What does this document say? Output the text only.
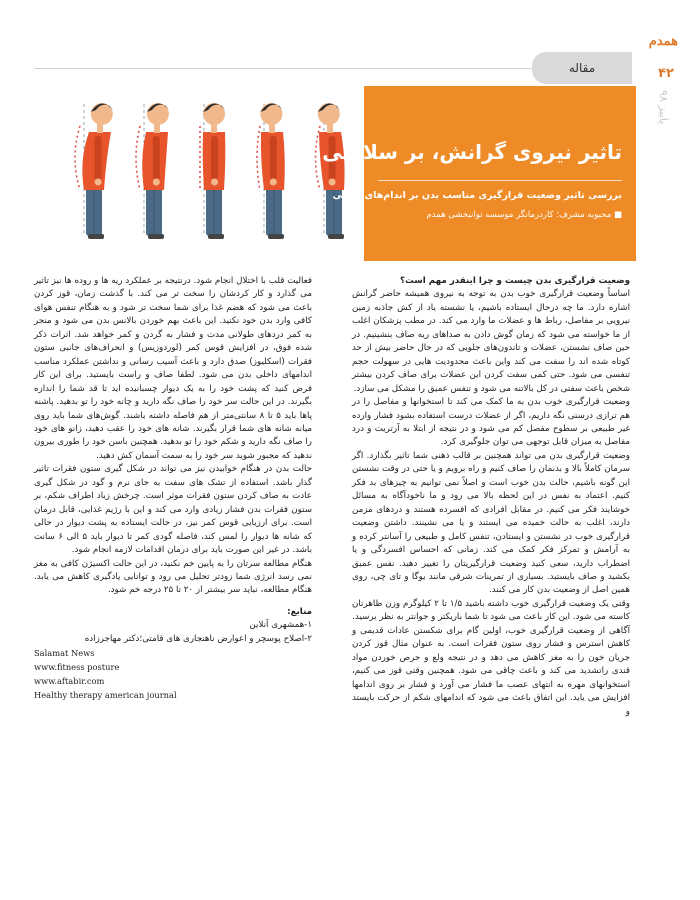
مقاله
همدم
۴۲
پاییز ۹۸
تاثیر نیروی گرانش، بر سلامتی ما
بررسی تاثیر وضعیت قرارگیری مناسب بدن بر اندام‌های داخلی
■ محبوبه مشرف؛ کاردرمانگر موسسه توانبخشی همدم

وضعیت قرارگیری بدن چیست و چرا اینقدر مهم است؟

اساساً وضعیت قرارگیری خوب بدن به توجه به نیروی همیشه حاضر گرانش اشاره دارد. ما چه درحال ایستاده باشیم، یا نشسته یاد از کش جاذبه زمین نیرویی بر مفاصل، رباط ها و عضلات ما وارد می کند. در مطب پزشکان اغلب از ما خواسته می شود که زمان گوش دادن به صداهای ریه صاف بنشینیم. در حین صاف نشستن، عضلات و تاندون‌های جلویی که در حال حاضر بیش از حد کوتاه شده اند را سفت می کند واین باعث محدودیت هایی در سهولت حجم تنفسی می شود. حتی کمی سفت کردن این عضلات برای صاف کردن بیشتر شخص باعث سفتی در کل بالاتنه می شود و تنفس عمیق را مشکل می سازد.

وضعیت قرارگیری خوب بدن به ما کمک می کند تا استخوانها و مفاصل را در هم ترازی درستی نگه داریم، اگر از عضلات درست استفاده بشود فشار وارده غیر طبیعی بر سطوح مفصل کم می شود و در نتیجه از ابتلا به آرتریت و درد مفاصل به میزان قابل توجهی می توان جلوگیری کرد.

وضعیت قرارگیری بدن می تواند همچنین بر قالب ذهنی شما تاثیر بگذارد. اگر سرمان کاملاً بالا و بدنمان را صاف کنیم و راه برویم و یا حتی در وقت نشستن این گونه باشیم، حالت بدن خوب است و اصلاً نمی توانیم به چیزهای بد فکر کنیم. اعتماد به نفس در این لحظه بالا می رود و ما ناخودآگاه به مسائل خوشایند فکر می کنیم. در مقابل افرادی که افسرده هستند و دردهای مزمن دارند، اغلب به حالت خمیده می ایستند و یا می نشینند. داشتن وضعیت قرارگیری خوب در نشستن و ایستادن، تنفس کامل و طبیعی را آسانتر کرده و به آرامش و تمرکز فکر کمک می کند. زمانی که احساس افسردگی و یا اضطراب دارید، سعی کنید وضعیت قرارگیریتان را تغییر دهید. نفس عمیق بکشید و صاف بایستید. بسیاری از تمرینات شرقی مانند یوگا و تای چی، روی همین اصل از وضعیت بدن کار می کنند.

وقتی یک وضعیت قرارگیری خوب داشته باشید ۱/۵ تا ۲ کیلوگرم وزن ظاهرتان کاسته می شود. این کار باعث می شود تا شما باریکتر و جوانتر به نظر برسید.

آگاهی از وضعیت قرارگیری خوب، اولین گام برای شکستن عادات قدیمی و کاهش استرس و فشار روی ستون فقرات است. به عنوان مثال قوز کردن جریان خون را به مغز کاهش می دهد و در نتیجه ولع و حرص خوردن مواد قندی راتشدید می کند و باعث چاقی می شود. همچنین وقتی قوز می کنیم، استخوانهای مهره به انتهای عصب ما فشار می آورد و فشار بر روی اندامها افزایش می یابد. این اتفاق باعث می شود که اندامهای شکم از حرکت بایستد و

فعالیت قلب با اختلال انجام شود. درنتیجه بر عملکرد ریه ها و روده ها نیز تاثیر می گذارد و کار کردشان را سخت تر می کند. با گذشت زمان، قوز کردن باعث می شود که هضم غذا برای شما سخت تر شود و به هنگام تنفس هوای کافی وارد بدن خود نکنید. این باعث بهم خوردن بالانس بدن می شود و منجر به کمر دردهای طولانی مدت و فشار به گردن و کمر خواهد شد. اثرات ذکر شده فوق، در افزایش قوس کمر (لوردوزیس) و انحراف‌های جانبی ستون فقرات (اسکلیوز) صدق دارد و باعث آسیب رسانی و نداشتن عملکرد مناسب اندامهای داخلی بدن می شود. لطفا صاف و راست بایستید. برای این کار فرض کنید که پشت خود را به یک دیوار چسبانیده اید تا قد شما را اندازه بگیرند. در این حالت سر خود را صاف نگه دارید و چانه خود را تو بدهید. پاشنه پاها باید ۵ تا ۸ سانتی‌متر از هم فاصله داشته باشند. گوش‌های شما باید روی میانه شانه های شما قرار بگیرند. شانه های خود را عقب دهید، زانو های خود را صاف نگه دارید و شکم خود را تو بدهید. همچنین باسن خود را طوری بیرون ندهید که مجبور شوید سر خود را به سمت آسمان کش دهید.

حالت بدن در هنگام خوابیدن نیز می تواند در شکل گیری ستون فقرات تاثیر گذار باشد. استفاده از تشک های سفت به جای نرم و گود در شکل گیری عادت به صاف کردن ستون فقرات موثر است. چرخش زیاد اطراف شکم، بر ستون فقرات بدن فشار زیادی وارد می کند و این با رژیم غذایی، قابل درمان است. برای ارزیابی قوس کمر نیز، در حالت ایستاده به پشت دیوار در حالی که شانه ها دیوار را لمس کند، فاصله گودی کمر تا دیوار باید ۵ الی ۶ سانت باشد. در غیر این صورت باید برای درمان اقدامات لازمه انجام شود.

هنگام مطالعه سرتان را به پایین خم نکنید، در این حالت اکسیژن کافی به مغز نمی رسد انرژی شما زودتر تحلیل می رود و توانایی یادگیری کاهش می یابد. هنگام مطالعه، نباید سر بیشتر از ۲۰ تا ۲۵ درجه خم شود.

منابع:

۱-همشهری آنلاین

۲-اصلاح پوسچر و اعوارض ناهنجاری های قامتی؛دکتر مهاجرزاده

Salamat News

www.fitness posture

www.aftabir.com

Healthy therapy american journal
